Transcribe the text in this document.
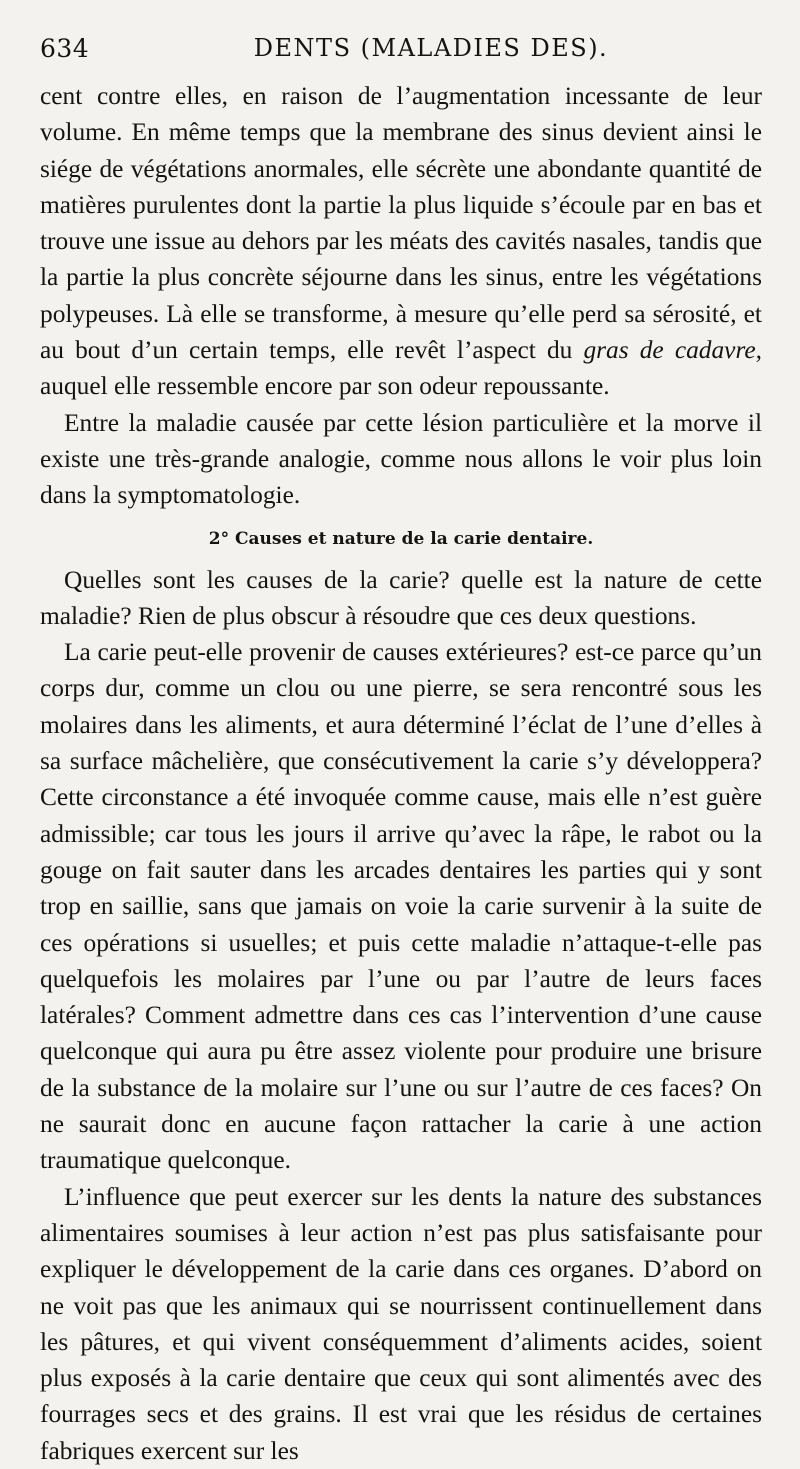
634	DENTS (MALADIES DES).

cent contre elles, en raison de l’augmentation incessante de leur volume. En même temps que la membrane des sinus devient ainsi le siége de végétations anormales, elle sécrète une abondante quantité de matières purulentes dont la partie la plus liquide s’écoule par en bas et trouve une issue au dehors par les méats des cavités nasales, tandis que la partie la plus concrète séjourne dans les sinus, entre les végétations polypeuses. Là elle se transforme, à mesure qu’elle perd sa sérosité, et au bout d’un certain temps, elle revêt l’aspect du gras de cadavre, auquel elle ressemble encore par son odeur repoussante.

Entre la maladie causée par cette lésion particulière et la morve il existe une très-grande analogie, comme nous allons le voir plus loin dans la symptomatologie.

2° Causes et nature de la carie dentaire.

Quelles sont les causes de la carie? quelle est la nature de cette maladie? Rien de plus obscur à résoudre que ces deux questions.

La carie peut-elle provenir de causes extérieures? est-ce parce qu’un corps dur, comme un clou ou une pierre, se sera rencontré sous les molaires dans les aliments, et aura déterminé l’éclat de l’une d’elles à sa surface mâchelière, que consécutivement la carie s’y développera? Cette circonstance a été invoquée comme cause, mais elle n’est guère admissible; car tous les jours il arrive qu’avec la râpe, le rabot ou la gouge on fait sauter dans les arcades dentaires les parties qui y sont trop en saillie, sans que jamais on voie la carie survenir à la suite de ces opérations si usuelles; et puis cette maladie n’attaque-t-elle pas quelquefois les molaires par l’une ou par l’autre de leurs faces latérales? Comment admettre dans ces cas l’intervention d’une cause quelconque qui aura pu être assez violente pour produire une brisure de la substance de la molaire sur l’une ou sur l’autre de ces faces? On ne saurait donc en aucune façon rattacher la carie à une action traumatique quelconque.

L’influence que peut exercer sur les dents la nature des substances alimentaires soumises à leur action n’est pas plus satisfaisante pour expliquer le développement de la carie dans ces organes. D’abord on ne voit pas que les animaux qui se nourrissent continuellement dans les pâtures, et qui vivent conséquemment d’aliments acides, soient plus exposés à la carie dentaire que ceux qui sont alimentés avec des fourrages secs et des grains. Il est vrai que les résidus de certaines fabriques exercent sur les
